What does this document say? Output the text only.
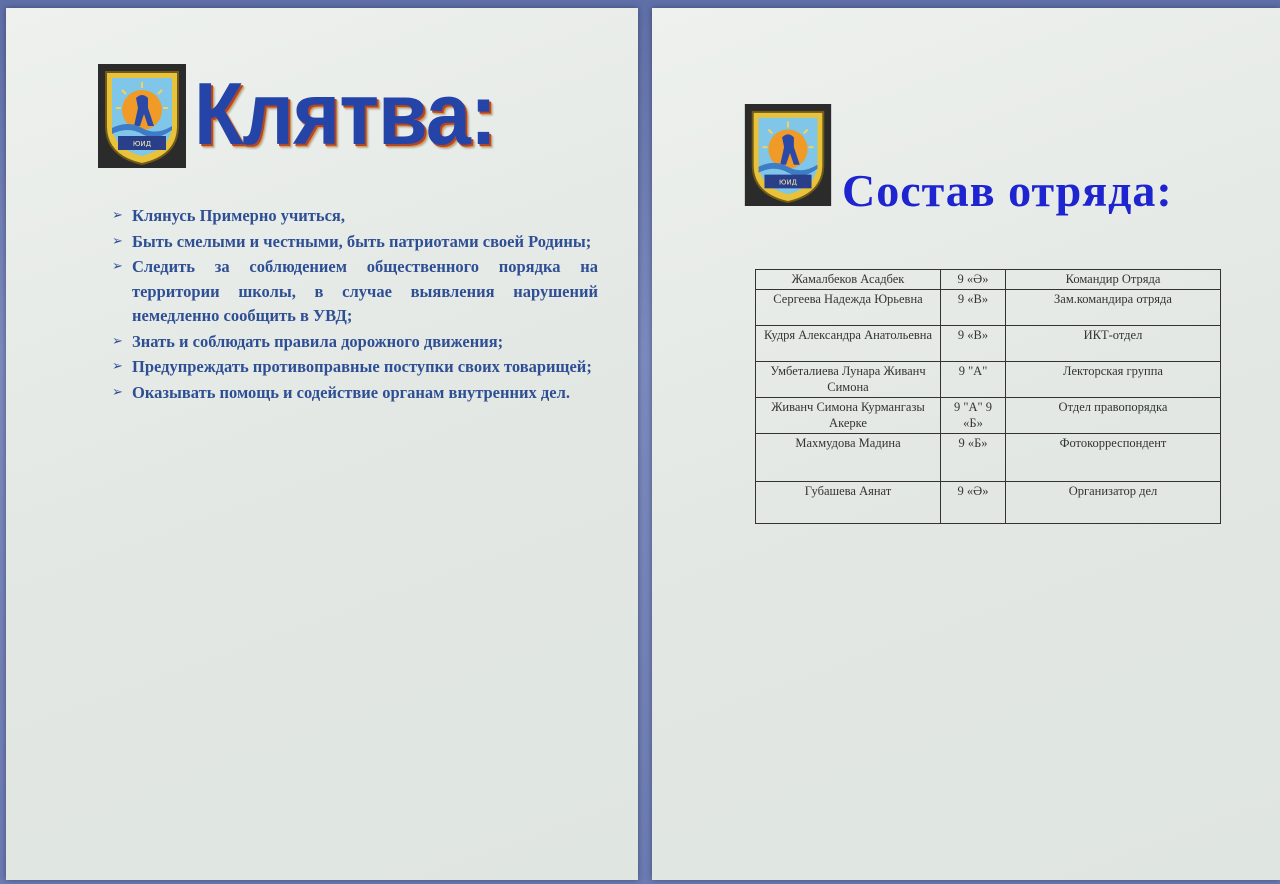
ЮИД Клятва:
➢ Клянусь Примерно учиться,
➢ Быть смелыми и честными, быть патриотами своей Родины;
➢ Следить за соблюдением общественного порядка на территории школы, в случае выявления нарушений немедленно сообщить в УВД;
➢ Знать и соблюдать правила дорожного движения;
➢ Предупреждать противоправные поступки своих товарищей;
➢ Оказывать помощь и содействие органам внутренних дел.
ЮИД Состав отряда:
Жамалбеков Асадбек	9 «Ә»	Командир Отряда
Сергеева Надежда Юрьевна	9 «В»	Зам.командира отряда
Кудря Александра Анатольевна	9 «В»	ИКТ-отдел
Умбеталиева Лунара Живанч Симона	9 "А"	Лекторская группа
Живанч Симона Курмангазы Акерке	9 "А" 9 «Б»	Отдел правопорядка
Махмудова Мадина	9 «Б»	Фотокорреспондент
Губашева Аянат	9 «Ә»	Организатор дел
